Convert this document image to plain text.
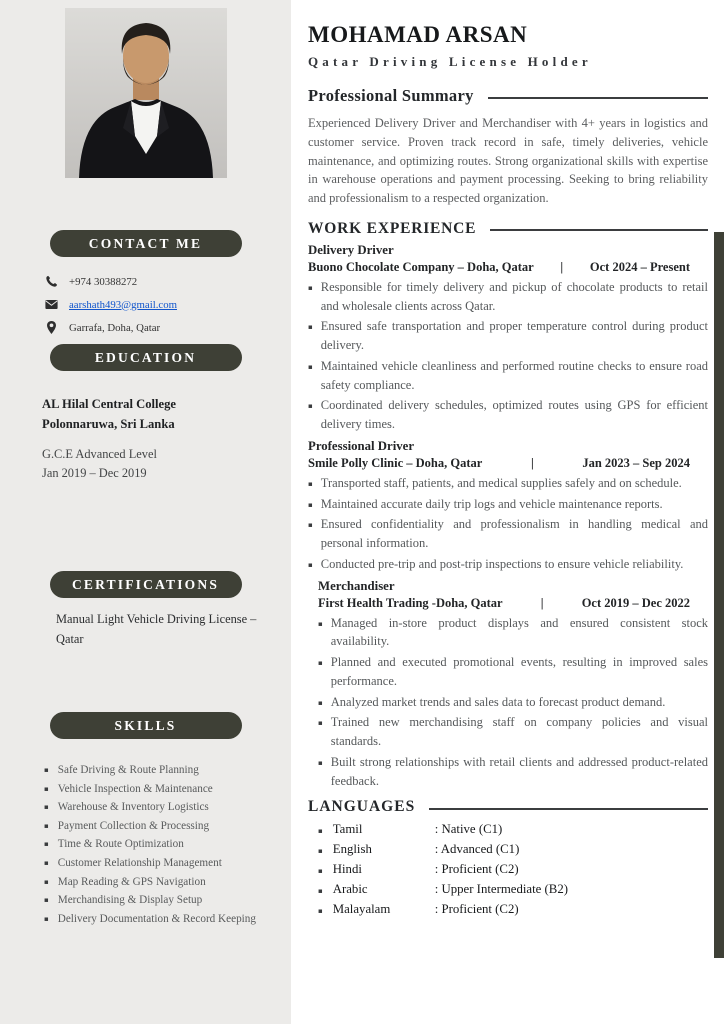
CONTACT ME
+974 30388272
aarshath493@gmail.com
Garrafa, Doha, Qatar
EDUCATION
AL Hilal Central College
Polonnaruwa, Sri Lanka
G.C.E Advanced Level
Jan 2019 – Dec 2019
CERTIFICATIONS
Manual Light Vehicle Driving License – Qatar
SKILLS
▪ Safe Driving & Route Planning
▪ Vehicle Inspection & Maintenance
▪ Warehouse & Inventory Logistics
▪ Payment Collection & Processing
▪ Time & Route Optimization
▪ Customer Relationship Management
▪ Map Reading & GPS Navigation
▪ Merchandising & Display Setup
▪ Delivery Documentation & Record Keeping
MOHAMAD ARSAN
Qatar Driving License Holder
Professional Summary

Experienced Delivery Driver and Merchandiser with 4+ years in logistics and customer service. Proven track record in safe, timely deliveries, vehicle maintenance, and optimizing routes. Strong organizational skills with expertise in warehouse operations and payment processing. Seeking to bring reliability and professionalism to a respected organization.

WORK EXPERIENCE
Delivery Driver
Buono Chocolate Company – Doha, Qatar | Oct 2024 – Present
▪ Responsible for timely delivery and pickup of chocolate products to retail and wholesale clients across Qatar.
▪ Ensured safe transportation and proper temperature control during product delivery.
▪ Maintained vehicle cleanliness and performed routine checks to ensure road safety compliance.
▪ Coordinated delivery schedules, optimized routes using GPS for efficient delivery times.
Professional Driver
Smile Polly Clinic – Doha, Qatar	|	Jan 2023 – Sep 2024
▪ Transported staff, patients, and medical supplies safely and on schedule.
▪ Maintained accurate daily trip logs and vehicle maintenance reports.
▪ Ensured confidentiality and professionalism in handling medical and personal information.
▪ Conducted pre-trip and post-trip inspections to ensure vehicle reliability.
Merchandiser
First Health Trading -Doha, Qatar	|	Oct 2019 – Dec 2022
▪ Managed in-store product displays and ensured consistent stock availability.
▪ Planned and executed promotional events, resulting in improved sales performance.
▪ Analyzed market trends and sales data to forecast product demand.
▪ Trained new merchandising staff on company policies and visual standards.
▪ Built strong relationships with retail clients and addressed product-related feedback.
LANGUAGES
▪ Tamil	: Native (C1)
▪ English	: Advanced (C1)
▪ Hindi	: Proficient (C2)
▪ Arabic	: Upper Intermediate (B2)
▪ Malayalam	: Proficient (C2)
